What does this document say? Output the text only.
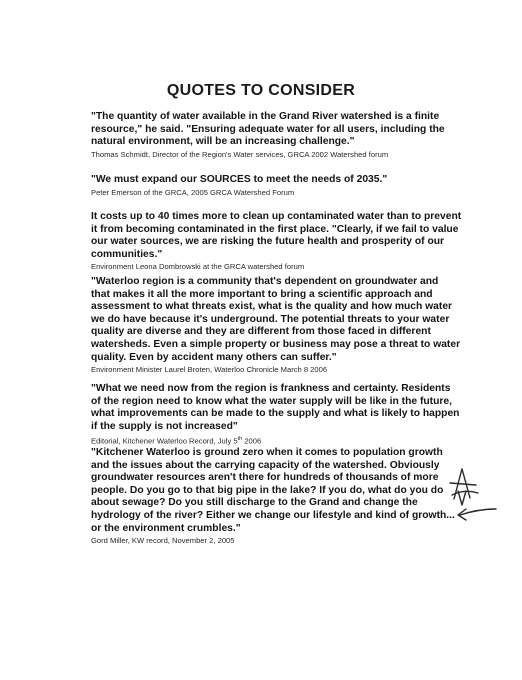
QUOTES TO CONSIDER

"The quantity of water available in the Grand River watershed is a finite
resource," he said. "Ensuring adequate water for all users, including the
natural environment, will be an increasing challenge."

Thomas Schmidt, Director of the Region's Water services, GRCA 2002 Watershed forum

"We must expand our SOURCES to meet the needs of 2035."

Peter Emerson of the GRCA, 2005 GRCA Watershed Forum

It costs up to 40 times more to clean up contaminated water than to prevent
it from becoming contaminated in the first place. "Clearly, if we fail to value
our water sources, we are risking the future health and prosperity of our
communities."

Environment Leona Dombrowski at the GRCA watershed forum

"Waterloo region is a community that's dependent on groundwater and
that makes it all the more important to bring a scientific approach and
assessment to what threats exist, what is the quality and how much water
we do have because it's underground. The potential threats to your water
quality are diverse and they are different from those faced in different
watersheds. Even a simple property or business may pose a threat to water
quality. Even by accident many others can suffer."

Environment Minister Laurel Broten, Waterloo Chronicle March 8 2006

"What we need now from the region is frankness and certainty. Residents
of the region need to know what the water supply will be like in the future,
what improvements can be made to the supply and what is likely to happen
if the supply is not increased"

Editorial, Kitchener Waterloo Record, July 5th 2006

"Kitchener Waterloo is ground zero when it comes to population growth
and the issues about the carrying capacity of the watershed. Obviously
groundwater resources aren't there for hundreds of thousands of more
people. Do you go to that big pipe in the lake? If you do, what do you do
about sewage? Do you still discharge to the Grand and change the
hydrology of the river? Either we change our lifestyle and kind of growth...
or the environment crumbles."

Gord Miller, KW record, November 2, 2005
